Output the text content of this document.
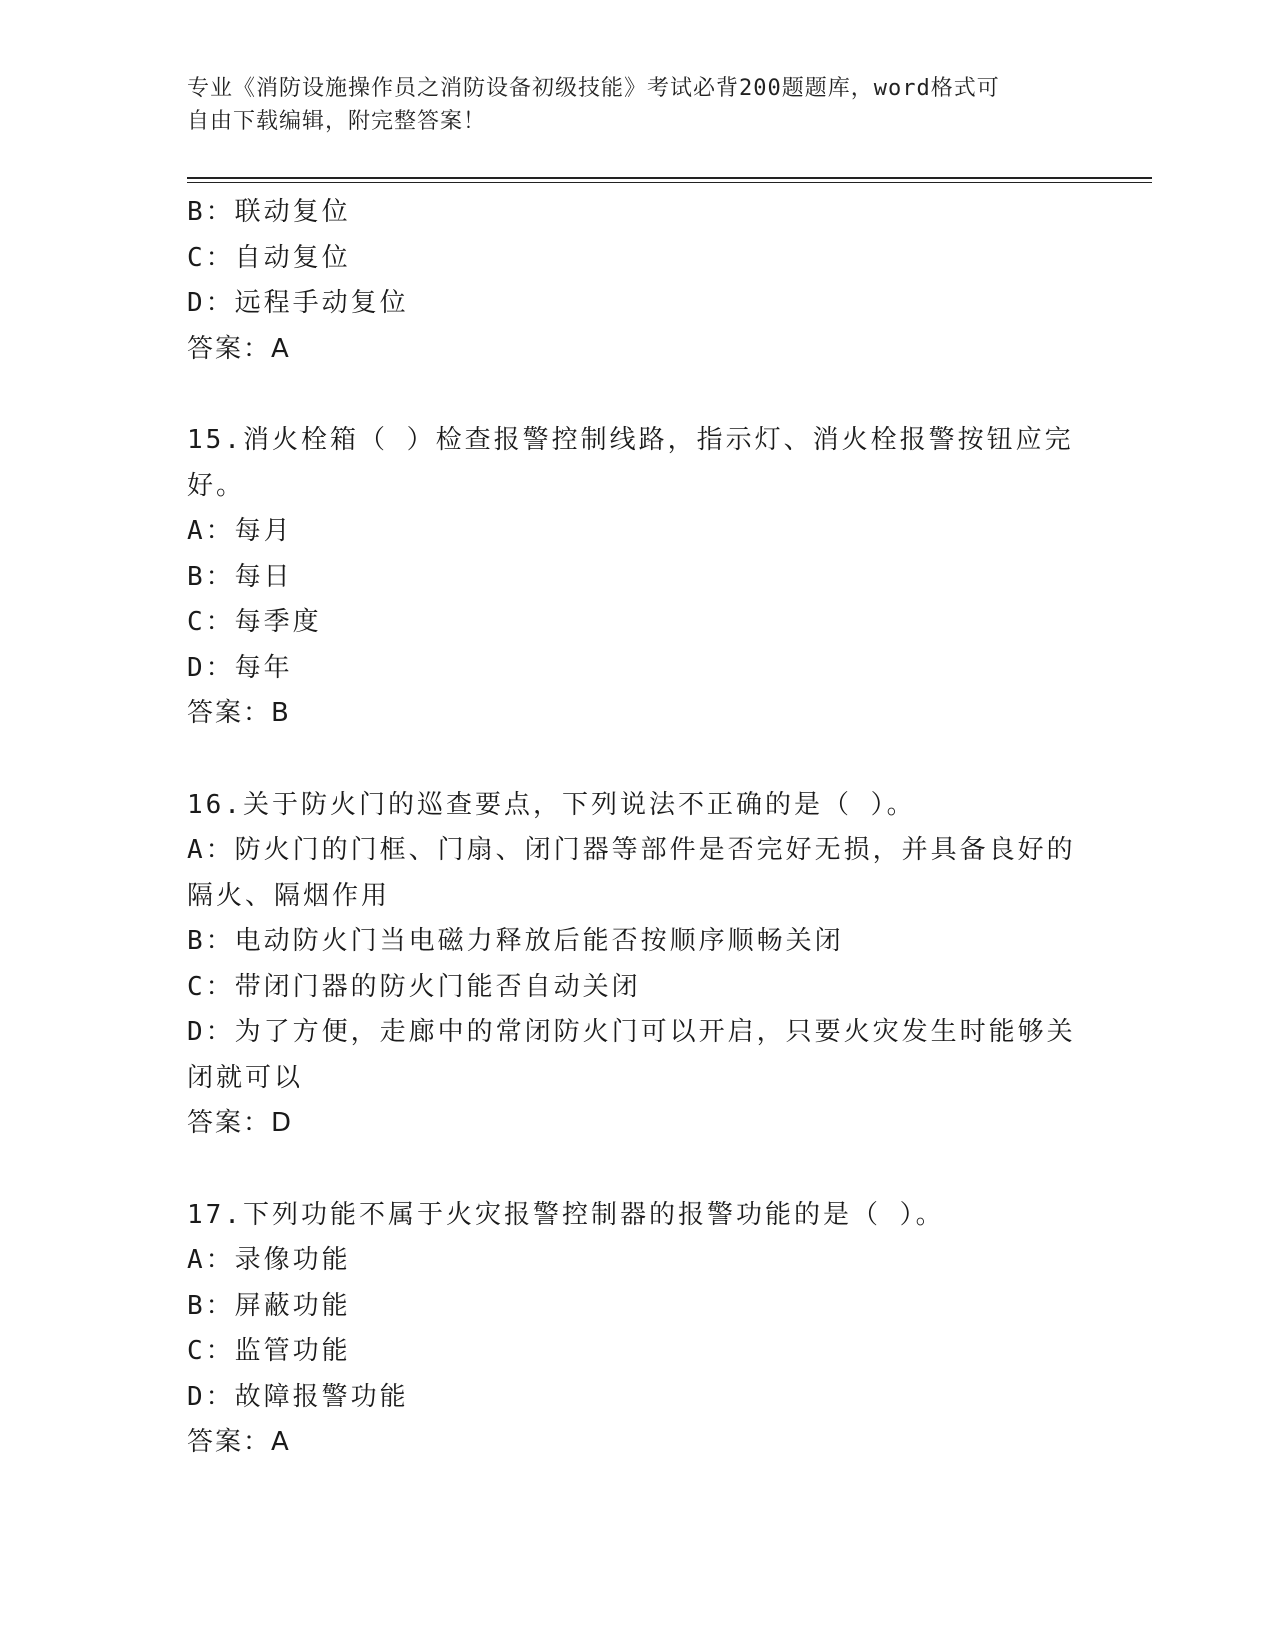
专业《消防设施操作员之消防设备初级技能》考试必背200题题库，word格式可
自由下载编辑，附完整答案！
B：联动复位
C：自动复位
D：远程手动复位
答案：A
15.消火栓箱（ ）检查报警控制线路，指示灯、消火栓报警按钮应完
好。
A：每月
B：每日
C：每季度
D：每年
答案：B
16.关于防火门的巡查要点，下列说法不正确的是（ ）。
A：防火门的门框、门扇、闭门器等部件是否完好无损，并具备良好的
隔火、隔烟作用
B：电动防火门当电磁力释放后能否按顺序顺畅关闭
C：带闭门器的防火门能否自动关闭
D：为了方便，走廊中的常闭防火门可以开启，只要火灾发生时能够关
闭就可以
答案：D
17.下列功能不属于火灾报警控制器的报警功能的是（ ）。
A：录像功能
B：屏蔽功能
C：监管功能
D：故障报警功能
答案：A
